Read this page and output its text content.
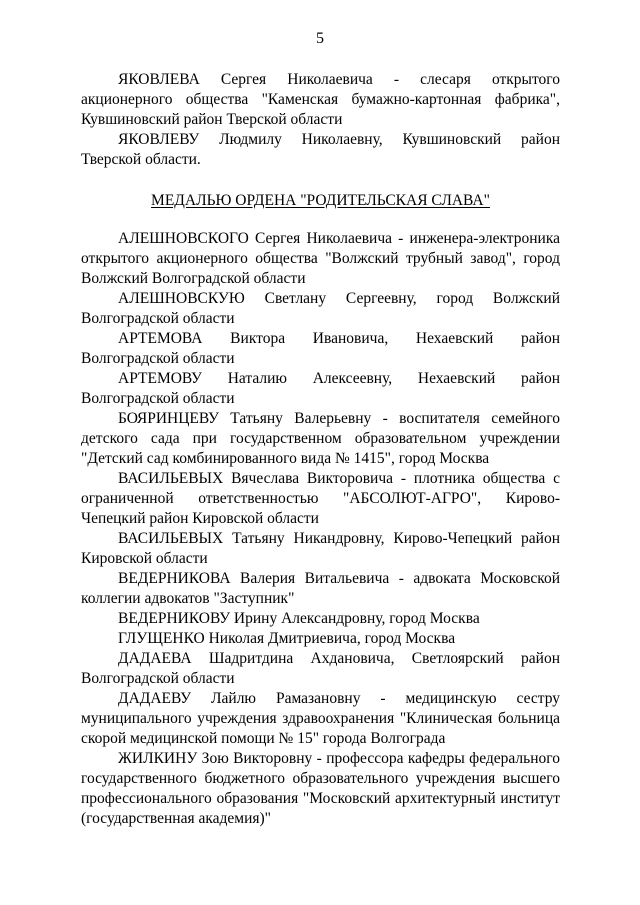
5

ЯКОВЛЕВА Сергея Николаевича - слесаря открытого акционерного общества "Каменская бумажно-картонная фабрика", Кувшиновский район Тверской области

ЯКОВЛЕВУ Людмилу Николаевну, Кувшиновский район Тверской области.

МЕДАЛЬЮ ОРДЕНА "РОДИТЕЛЬСКАЯ СЛАВА"

АЛЕШНОВСКОГО Сергея Николаевича - инженера-электроника открытого акционерного общества "Волжский трубный завод", город Волжский Волгоградской области

АЛЕШНОВСКУЮ Светлану Сергеевну, город Волжский Волгоградской области

АРТЕМОВА Виктора Ивановича, Нехаевский район Волгоградской области

АРТЕМОВУ Наталию Алексеевну, Нехаевский район Волгоградской области

БОЯРИНЦЕВУ Татьяну Валерьевну - воспитателя семейного детского сада при государственном образовательном учреждении "Детский сад комбинированного вида № 1415", город Москва

ВАСИЛЬЕВЫХ Вячеслава Викторовича - плотника общества с ограниченной ответственностью "АБСОЛЮТ-АГРО", Кирово-Чепецкий район Кировской области

ВАСИЛЬЕВЫХ Татьяну Никандровну, Кирово-Чепецкий район Кировской области

ВЕДЕРНИКОВА Валерия Витальевича - адвоката Московской коллегии адвокатов "Заступник"

ВЕДЕРНИКОВУ Ирину Александровну, город Москва

ГЛУЩЕНКО Николая Дмитриевича, город Москва

ДАДАЕВА Шадритдина Ахдановича, Светлоярский район Волгоградской области

ДАДАЕВУ Лайлю Рамазановну - медицинскую сестру муниципального учреждения здравоохранения "Клиническая больница скорой медицинской помощи № 15" города Волгограда

ЖИЛКИНУ Зою Викторовну - профессора кафедры федерального государственного бюджетного образовательного учреждения высшего профессионального образования "Московский архитектурный институт (государственная академия)"
